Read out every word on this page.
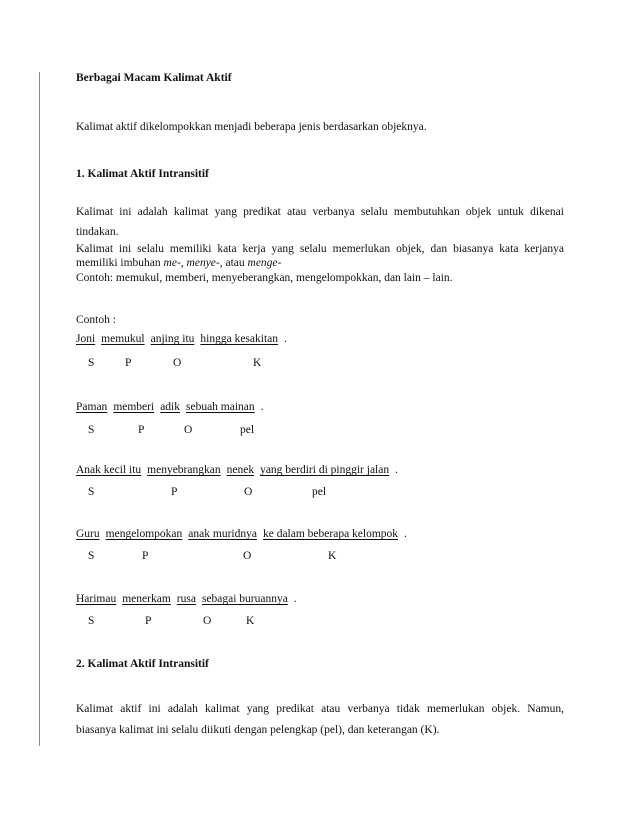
Berbagai Macam Kalimat Aktif
Kalimat aktif dikelompokkan menjadi beberapa jenis berdasarkan objeknya.
1. Kalimat Aktif Intransitif
Kalimat ini adalah kalimat yang predikat atau verbanya selalu membutuhkan objek untuk dikenai
tindakan.
Kalimat ini selalu memiliki kata kerja yang selalu memerlukan objek, dan biasanya kata kerjanya
memiliki imbuhan me-, menye-, atau menge-
Contoh: memukul, memberi, menyeberangkan, mengelompokkan, dan lain – lain.
Contoh :
Joni memukul anjing itu hingga kesakitan .
S	P	O	K
Paman memberi adik sebuah mainan .
S	P	O	pel
Anak kecil itu menyebrangkan nenek yang berdiri di pinggir jalan .
S	P	O	pel
Guru mengelompokan anak muridnya ke dalam beberapa kelompok .
S	P	O	K
Harimau menerkam rusa sebagai buruannya .
S	P	O	K
2. Kalimat Aktif Intransitif
Kalimat aktif ini adalah kalimat yang predikat atau verbanya tidak memerlukan objek. Namun,
biasanya kalimat ini selalu diikuti dengan pelengkap (pel), dan keterangan (K).
